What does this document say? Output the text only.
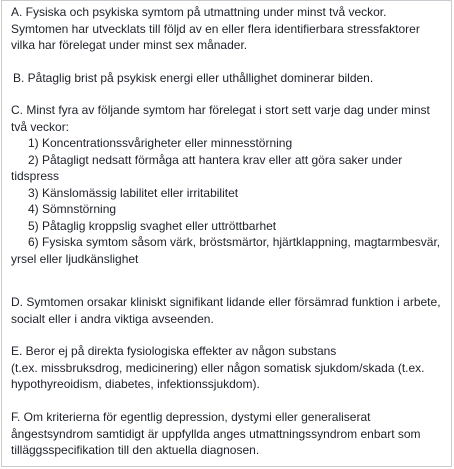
A. Fysiska och psykiska symtom på utmattning under minst två veckor.
Symtomen har utvecklats till följd av en eller flera identifierbara stressfaktorer
vilka har förelegat under minst sex månader.
B. Påtaglig brist på psykisk energi eller uthållighet dominerar bilden.
C. Minst fyra av följande symtom har förelegat i stort sett varje dag under minst
två veckor:
1) Koncentrationssvårigheter eller minnesstörning
2) Påtagligt nedsatt förmåga att hantera krav eller att göra saker under
tidspress
3) Känslomässig labilitet eller irritabilitet
4) Sömnstörning
5) Påtaglig kroppslig svaghet eller uttröttbarhet
6) Fysiska symtom såsom värk, bröstsmärtor, hjärtklappning, magtarmbesvär,
yrsel eller ljudkänslighet
D. Symtomen orsakar kliniskt signifikant lidande eller försämrad funktion i arbete,
socialt eller i andra viktiga avseenden.
E. Beror ej på direkta fysiologiska effekter av någon substans
(t.ex. missbruksdrog, medicinering) eller någon somatisk sjukdom/skada (t.ex.
hypothyreoidism, diabetes, infektionssjukdom).
F. Om kriterierna för egentlig depression, dystymi eller generaliserat
ångestsyndrom samtidigt är uppfyllda anges utmattningssyndrom enbart som
tilläggsspecifikation till den aktuella diagnosen.
